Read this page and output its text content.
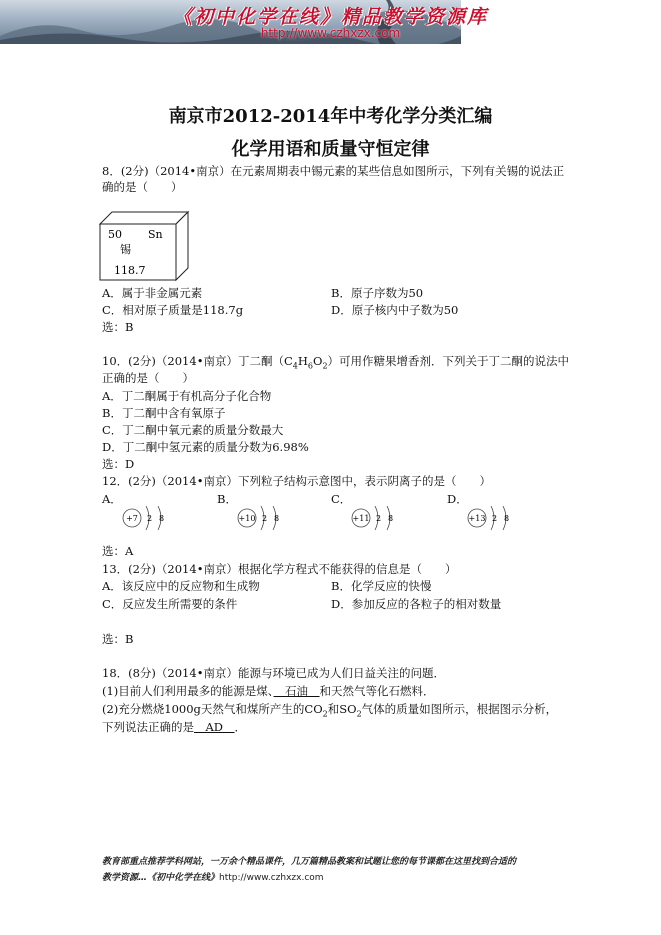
《初中化学在线》精品教学资源库
http://www.czhxzx.com
南京市2012-2014年中考化学分类汇编
化学用语和质量守恒定律
8．(2分)（2014•南京）在元素周期表中锡元素的某些信息如图所示，下列有关锡的说法正
确的是（　　）
50 Sn
锡
118.7
A．属于非金属元素	B．原子序数为50
C．相对原子质量是118.7g	D．原子核内中子数为50
选：B
10．(2分)（2014•南京）丁二酮$(C_4H_6O_2)$可用作糖果增香剂．下列关于丁二酮的说法中
正确的是（　　）
A．丁二酮属于有机高分子化合物
B．丁二酮中含有氧原子
C．丁二酮中氧元素的质量分数最大
D．丁二酮中氢元素的质量分数为6.98%
选：D
12．(2分)（2014•南京）下列粒子结构示意图中，表示阴离子的是（　　）
A．
+7 2 8
B．
+10 2 8
C．
+11 2 8
D．
+13 2 8
选：A
13．(2分)（2014•南京）根据化学方程式不能获得的信息是（　　）
A．该反应中的反应物和生成物	B．化学反应的快慢
C．反应发生所需要的条件	D．参加反应的各粒子的相对数量
选：B
18．(8分)（2014•南京）能源与环境已成为人们日益关注的问题．
(1)目前人们利用最多的能源是煤、　石油　和天然气等化石燃料．
(2)充分燃烧1000g天然气和煤所产生的$CO_2$和$SO_2$气体的质量如图所示，根据图示分析，
下列说法正确的是　AD　．
教育部重点推荐学科网站，一万余个精品课件，几万篇精品教案和试题让您的每节课都在这里找到合适的
教学资源…《初中化学在线》http://www.czhxzx.com
